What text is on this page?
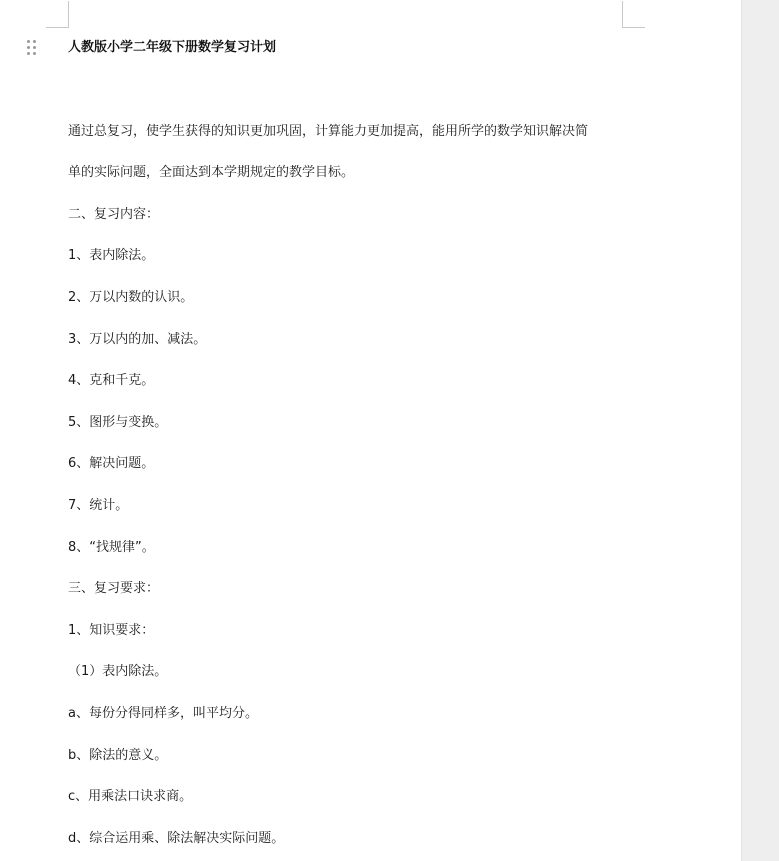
人教版小学二年级下册数学复习计划
通过总复习，使学生获得的知识更加巩固，计算能力更加提高，能用所学的数学知识解决简
单的实际问题，全面达到本学期规定的教学目标。
二、复习内容：
1、表内除法。
2、万以内数的认识。
3、万以内的加、减法。
4、克和千克。
5、图形与变换。
6、解决问题。
7、统计。
8、“找规律”。
三、复习要求：
1、知识要求：
（1）表内除法。
a、每份分得同样多，叫平均分。
b、除法的意义。
c、用乘法口诀求商。
d、综合运用乘、除法解决实际问题。
